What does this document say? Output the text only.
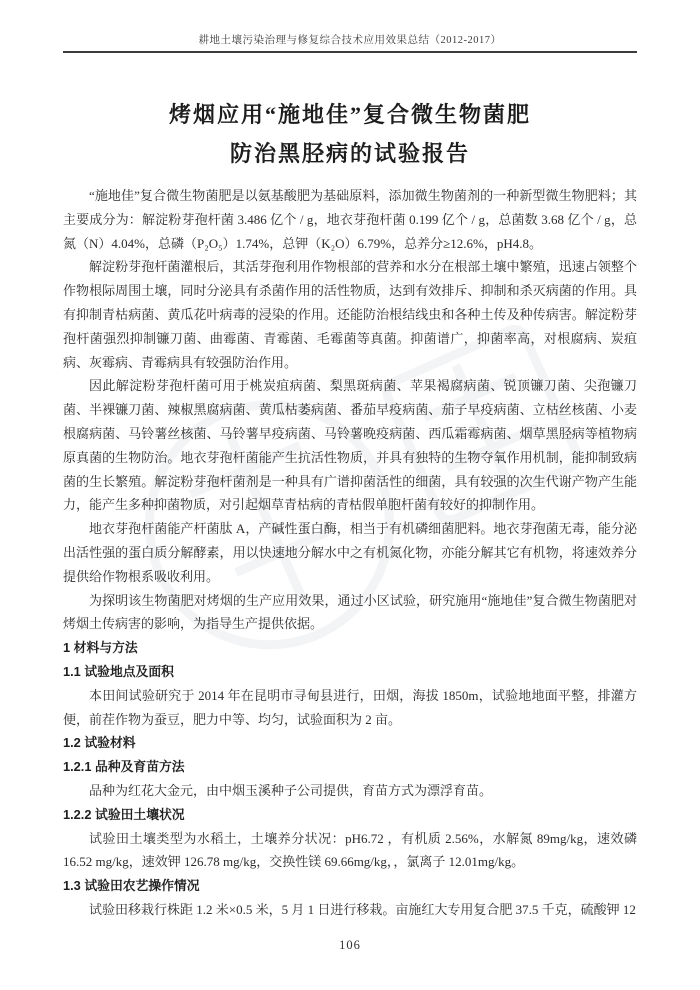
耕地土壤污染治理与修复综合技术应用效果总结（2012-2017）
烤烟应用“施地佳”复合微生物菌肥
防治黑胫病的试验报告

“施地佳”复合微生物菌肥是以氨基酸肥为基础原料，添加微生物菌剂的一种新型微生物肥料；其主要成分为：解淀粉芽孢杆菌 3.486 亿个 / g，地衣芽孢杆菌 0.199 亿个 / g，总菌数 3.68 亿个 / g，总氮（N）4.04%，总磷（P₂O₅）1.74%，总钾（K₂O）6.79%，总养分≥12.6%，pH4.8。

解淀粉芽孢杆菌灌根后，其活芽孢利用作物根部的营养和水分在根部土壤中繁殖，迅速占领整个作物根际周围土壤，同时分泌具有杀菌作用的活性物质，达到有效排斥、抑制和杀灭病菌的作用。具有抑制青枯病菌、黄瓜花叶病毒的浸染的作用。还能防治根结线虫和各种土传及种传病害。解淀粉芽孢杆菌强烈抑制镰刀菌、曲霉菌、青霉菌、毛霉菌等真菌。抑菌谱广，抑菌率高，对根腐病、炭疽病、灰霉病、青霉病具有较强防治作用。

因此解淀粉芽孢杆菌可用于桃炭疽病菌、梨黑斑病菌、苹果褐腐病菌、锐顶镰刀菌、尖孢镰刀菌、半裸镰刀菌、辣椒黑腐病菌、黄瓜枯萎病菌、番茄早疫病菌、茄子早疫病菌、立枯丝核菌、小麦根腐病菌、马铃薯丝核菌、马铃薯早疫病菌、马铃薯晚疫病菌、西瓜霜霉病菌、烟草黑胫病等植物病原真菌的生物防治。地衣芽孢杆菌能产生抗活性物质，并具有独特的生物夺氧作用机制，能抑制致病菌的生长繁殖。解淀粉芽孢杆菌剂是一种具有广谱抑菌活性的细菌，具有较强的次生代谢产物产生能力，能产生多种抑菌物质，对引起烟草青枯病的青枯假单胞杆菌有较好的抑制作用。

地衣芽孢杆菌能产杆菌肽 A，产碱性蛋白酶，相当于有机磷细菌肥料。地衣芽孢菌无毒，能分泌出活性强的蛋白质分解酵素，用以快速地分解水中之有机氮化物，亦能分解其它有机物，将速效养分提供给作物根系吸收利用。

为探明该生物菌肥对烤烟的生产应用效果，通过小区试验，研究施用“施地佳”复合微生物菌肥对烤烟土传病害的影响，为指导生产提供依据。

1 材料与方法

1.1 试验地点及面积

本田间试验研究于 2014 年在昆明市寻甸县进行，田烟，海拔 1850m，试验地地面平整，排灌方便，前茬作物为蚕豆，肥力中等、均匀，试验面积为 2 亩。

1.2 试验材料

1.2.1 品种及育苗方法

品种为红花大金元，由中烟玉溪种子公司提供，育苗方式为漂浮育苗。

1.2.2 试验田土壤状况

试验田土壤类型为水稻土，土壤养分状况：pH6.72 ，有机质 2.56%，水解氮 89mg/kg，速效磷 16.52 mg/kg，速效钾 126.78 mg/kg，交换性镁 69.66mg/kg，，氯离子 12.01mg/kg。

1.3 试验田农艺操作情况

试验田移栽行株距 1.2 米×0.5 米，5 月 1 日进行移栽。亩施红大专用复合肥 37.5 千克，硫酸钾 12

106
